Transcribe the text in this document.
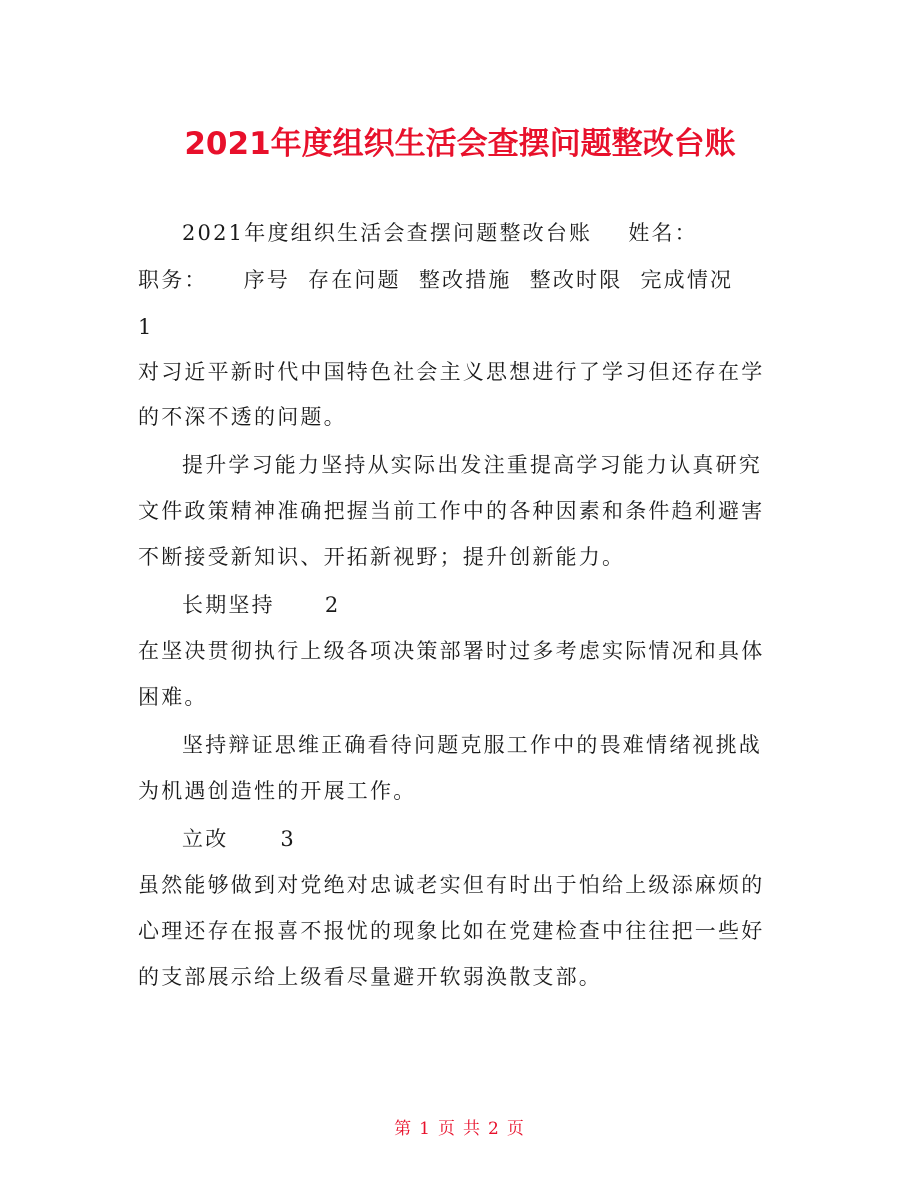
2021年度组织生活会查摆问题整改台账
2021年度组织生活会查摆问题整改台账 姓名：
职务： 序号 存在问题 整改措施 整改时限 完成情况
1
对习近平新时代中国特色社会主义思想进行了学习但还存在学
的不深不透的问题。
提升学习能力坚持从实际出发注重提高学习能力认真研究
文件政策精神准确把握当前工作中的各种因素和条件趋利避害
不断接受新知识、开拓新视野；提升创新能力。
长期坚持 2
在坚决贯彻执行上级各项决策部署时过多考虑实际情况和具体
困难。
坚持辩证思维正确看待问题克服工作中的畏难情绪视挑战
为机遇创造性的开展工作。
立改 3
虽然能够做到对党绝对忠诚老实但有时出于怕给上级添麻烦的
心理还存在报喜不报忧的现象比如在党建检查中往往把一些好
的支部展示给上级看尽量避开软弱涣散支部。
第 1 页 共 2 页
